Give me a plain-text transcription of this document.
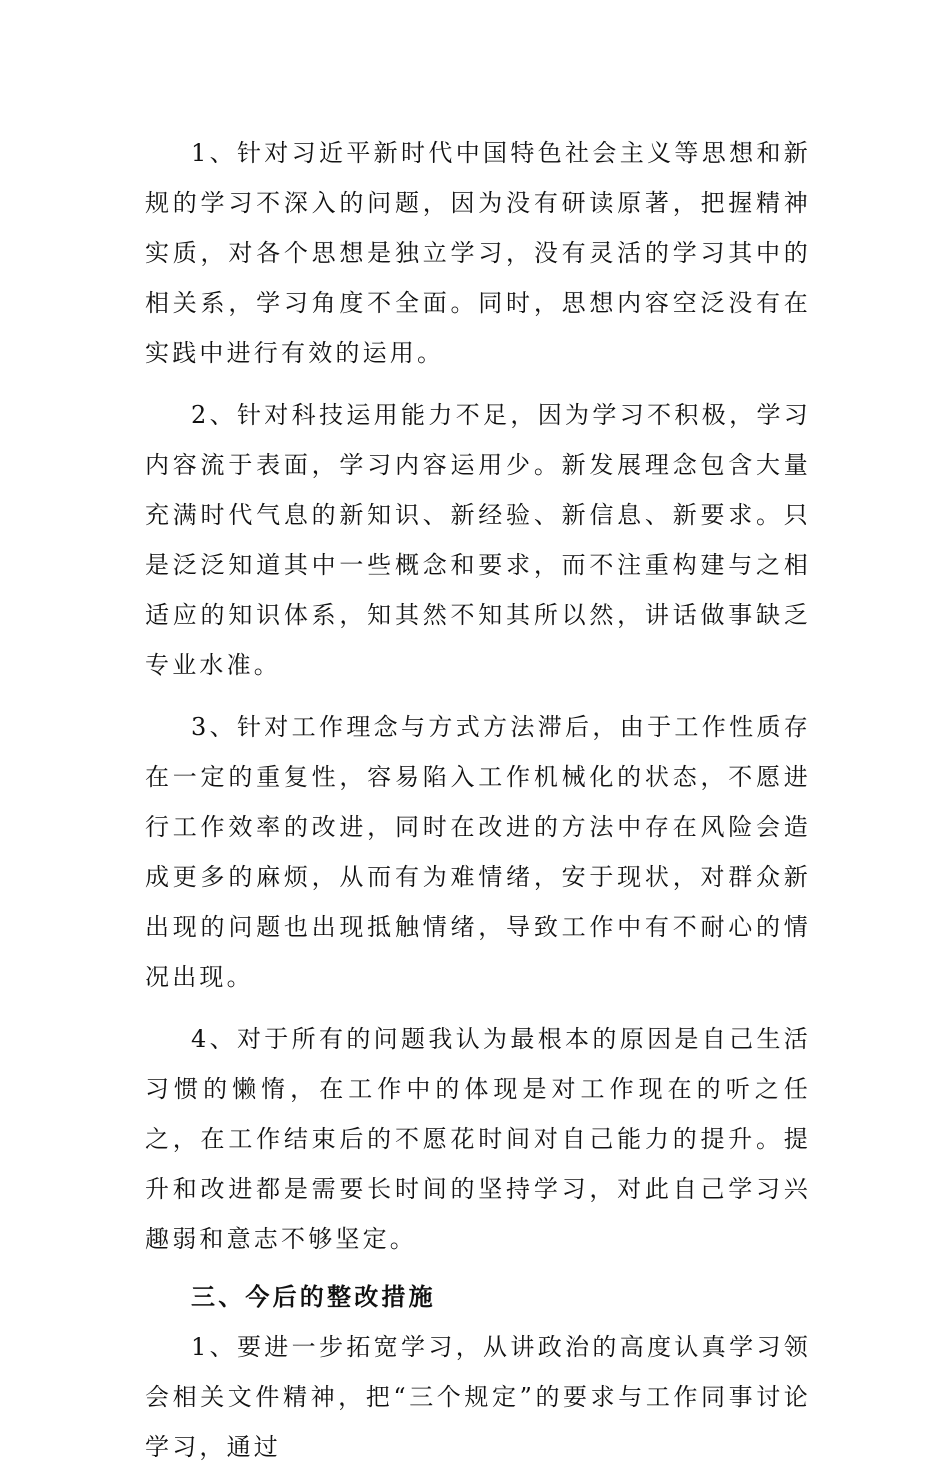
1、针对习近平新时代中国特色社会主义等思想和新规的学习不深入的问题，因为没有研读原著，把握精神实质，对各个思想是独立学习，没有灵活的学习其中的相关系，学习角度不全面。同时，思想内容空泛没有在实践中进行有效的运用。

2、针对科技运用能力不足，因为学习不积极，学习内容流于表面，学习内容运用少。新发展理念包含大量充满时代气息的新知识、新经验、新信息、新要求。只是泛泛知道其中一些概念和要求，而不注重构建与之相适应的知识体系，知其然不知其所以然，讲话做事缺乏专业水准。

3、针对工作理念与方式方法滞后，由于工作性质存在一定的重复性，容易陷入工作机械化的状态，不愿进行工作效率的改进，同时在改进的方法中存在风险会造成更多的麻烦，从而有为难情绪，安于现状，对群众新出现的问题也出现抵触情绪，导致工作中有不耐心的情况出现。

4、对于所有的问题我认为最根本的原因是自己生活习惯的懒惰，在工作中的体现是对工作现在的听之任之，在工作结束后的不愿花时间对自己能力的提升。提升和改进都是需要长时间的坚持学习，对此自己学习兴趣弱和意志不够坚定。

三、今后的整改措施

1、要进一步拓宽学习，从讲政治的高度认真学习领会相关文件精神，把“三个规定”的要求与工作同事讨论学习，通过
